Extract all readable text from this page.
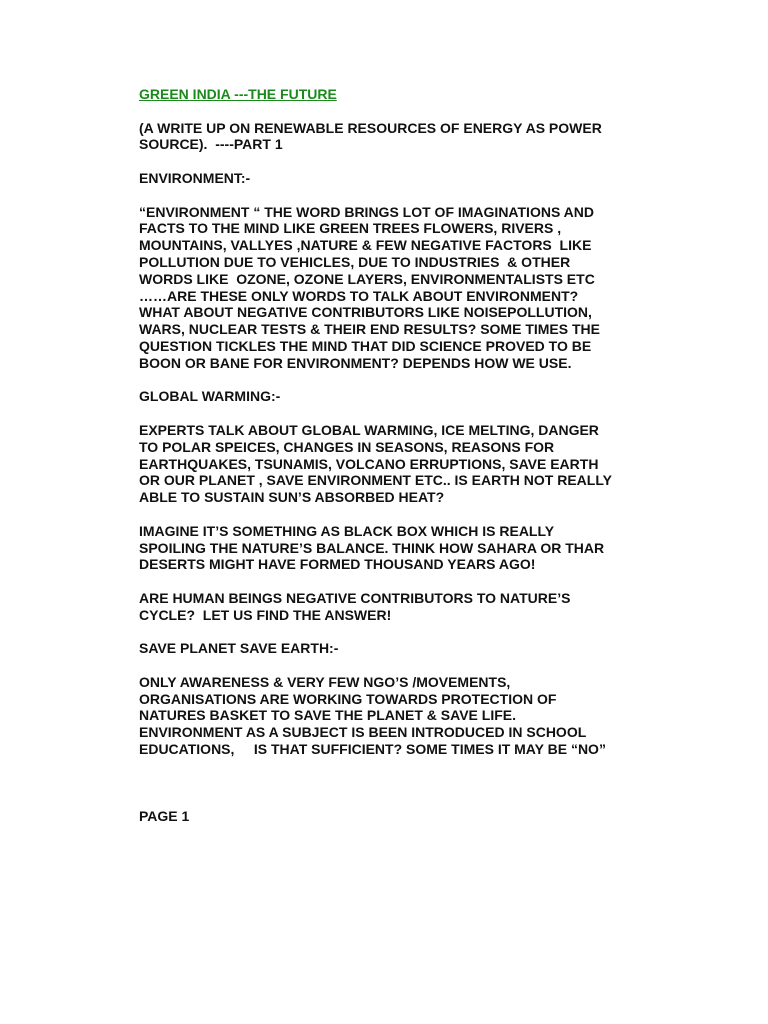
GREEN INDIA ---THE FUTURE

(A WRITE UP ON RENEWABLE RESOURCES OF ENERGY AS POWER
SOURCE).  ----PART 1

ENVIRONMENT:-

“ENVIRONMENT “ THE WORD BRINGS LOT OF IMAGINATIONS AND
FACTS TO THE MIND LIKE GREEN TREES FLOWERS, RIVERS ,
MOUNTAINS, VALLYES ,NATURE & FEW NEGATIVE FACTORS  LIKE
POLLUTION DUE TO VEHICLES, DUE TO INDUSTRIES  & OTHER
WORDS LIKE  OZONE, OZONE LAYERS, ENVIRONMENTALISTS ETC
……ARE THESE ONLY WORDS TO TALK ABOUT ENVIRONMENT?
WHAT ABOUT NEGATIVE CONTRIBUTORS LIKE NOISEPOLLUTION,
WARS, NUCLEAR TESTS & THEIR END RESULTS? SOME TIMES THE
QUESTION TICKLES THE MIND THAT DID SCIENCE PROVED TO BE
BOON OR BANE FOR ENVIRONMENT? DEPENDS HOW WE USE.

GLOBAL WARMING:-

EXPERTS TALK ABOUT GLOBAL WARMING, ICE MELTING, DANGER
TO POLAR SPEICES, CHANGES IN SEASONS, REASONS FOR
EARTHQUAKES, TSUNAMIS, VOLCANO ERRUPTIONS, SAVE EARTH
OR OUR PLANET , SAVE ENVIRONMENT ETC.. IS EARTH NOT REALLY
ABLE TO SUSTAIN SUN’S ABSORBED HEAT?

IMAGINE IT’S SOMETHING AS BLACK BOX WHICH IS REALLY
SPOILING THE NATURE’S BALANCE. THINK HOW SAHARA OR THAR
DESERTS MIGHT HAVE FORMED THOUSAND YEARS AGO!

ARE HUMAN BEINGS NEGATIVE CONTRIBUTORS TO NATURE’S
CYCLE?  LET US FIND THE ANSWER!

SAVE PLANET SAVE EARTH:-

ONLY AWARENESS & VERY FEW NGO’S /MOVEMENTS,
ORGANISATIONS ARE WORKING TOWARDS PROTECTION OF
NATURES BASKET TO SAVE THE PLANET & SAVE LIFE.
ENVIRONMENT AS A SUBJECT IS BEEN INTRODUCED IN SCHOOL
EDUCATIONS,     IS THAT SUFFICIENT? SOME TIMES IT MAY BE “NO”

PAGE 1
